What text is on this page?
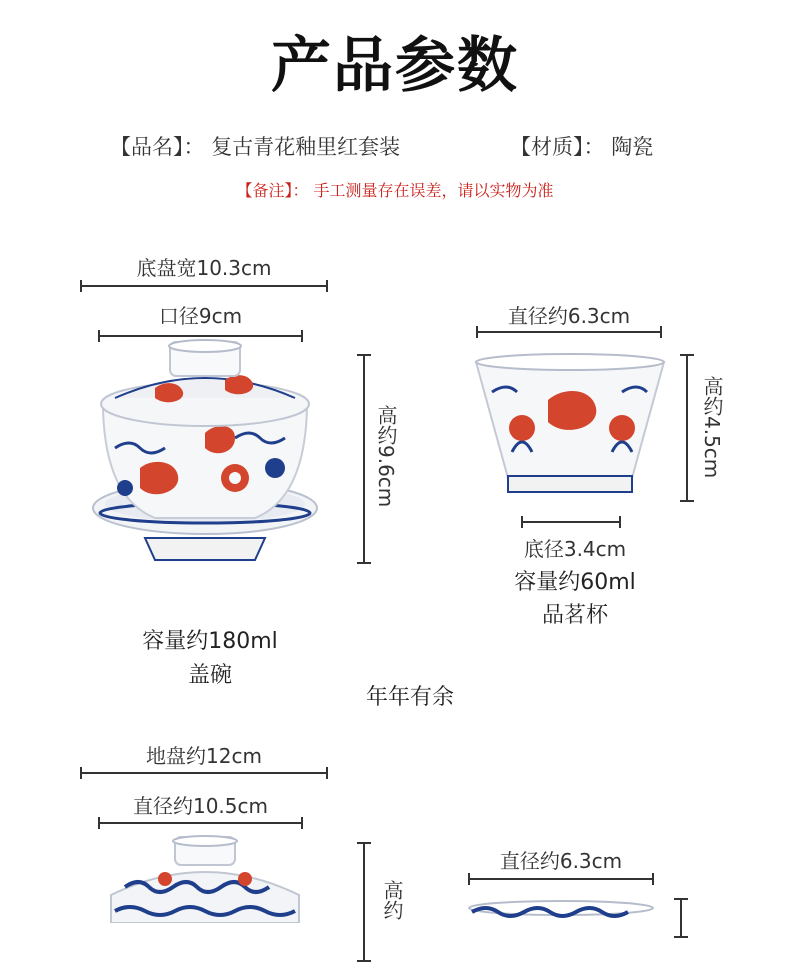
产品参数
【品名】： 复古青花釉里红套装	【材质】： 陶瓷
【备注】： 手工测量存在误差，请以实物为准
底盘宽10.3cm
口径9cm
高约9.6cm
容量约180ml
盖碗
直径约6.3cm
高约4.5cm
底径3.4cm
容量约60ml
品茗杯
年年有余
地盘约12cm
直径约10.5cm
高约
直径约6.3cm
